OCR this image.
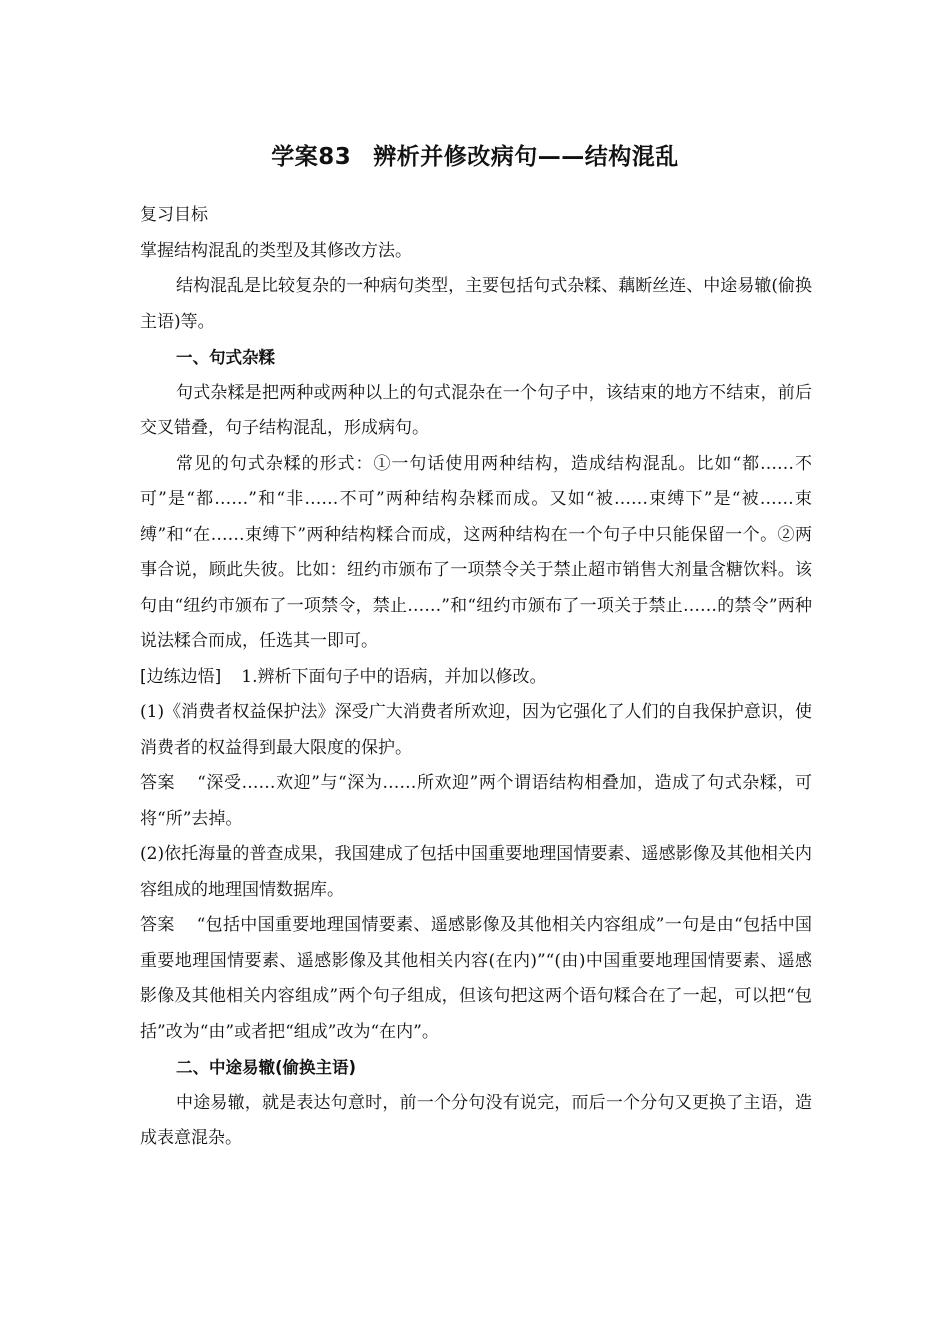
学案83 辨析并修改病句——结构混乱

复习目标

掌握结构混乱的类型及其修改方法。

结构混乱是比较复杂的一种病句类型，主要包括句式杂糅、藕断丝连、中途易辙(偷换主语)等。

一、句式杂糅

句式杂糅是把两种或两种以上的句式混杂在一个句子中，该结束的地方不结束，前后交叉错叠，句子结构混乱，形成病句。

常见的句式杂糅的形式：①一句话使用两种结构，造成结构混乱。比如“都……不可”是“都……”和“非……不可”两种结构杂糅而成。又如“被……束缚下”是“被……束缚”和“在……束缚下”两种结构糅合而成，这两种结构在一个句子中只能保留一个。②两事合说，顾此失彼。比如：纽约市颁布了一项禁令关于禁止超市销售大剂量含糖饮料。该句由“纽约市颁布了一项禁令，禁止……”和“纽约市颁布了一项关于禁止……的禁令”两种说法糅合而成，任选其一即可。

[边练边悟] 1.辨析下面句子中的语病，并加以修改。

(1)《消费者权益保护法》深受广大消费者所欢迎，因为它强化了人们的自我保护意识，使消费者的权益得到最大限度的保护。

答案 “深受……欢迎”与“深为……所欢迎”两个谓语结构相叠加，造成了句式杂糅，可将“所”去掉。

(2)依托海量的普查成果，我国建成了包括中国重要地理国情要素、遥感影像及其他相关内容组成的地理国情数据库。

答案 “包括中国重要地理国情要素、遥感影像及其他相关内容组成”一句是由“包括中国重要地理国情要素、遥感影像及其他相关内容(在内)”“(由)中国重要地理国情要素、遥感影像及其他相关内容组成”两个句子组成，但该句把这两个语句糅合在了一起，可以把“包括”改为“由”或者把“组成”改为“在内”。

二、中途易辙(偷换主语)

中途易辙，就是表达句意时，前一个分句没有说完，而后一个分句又更换了主语，造成表意混杂。
